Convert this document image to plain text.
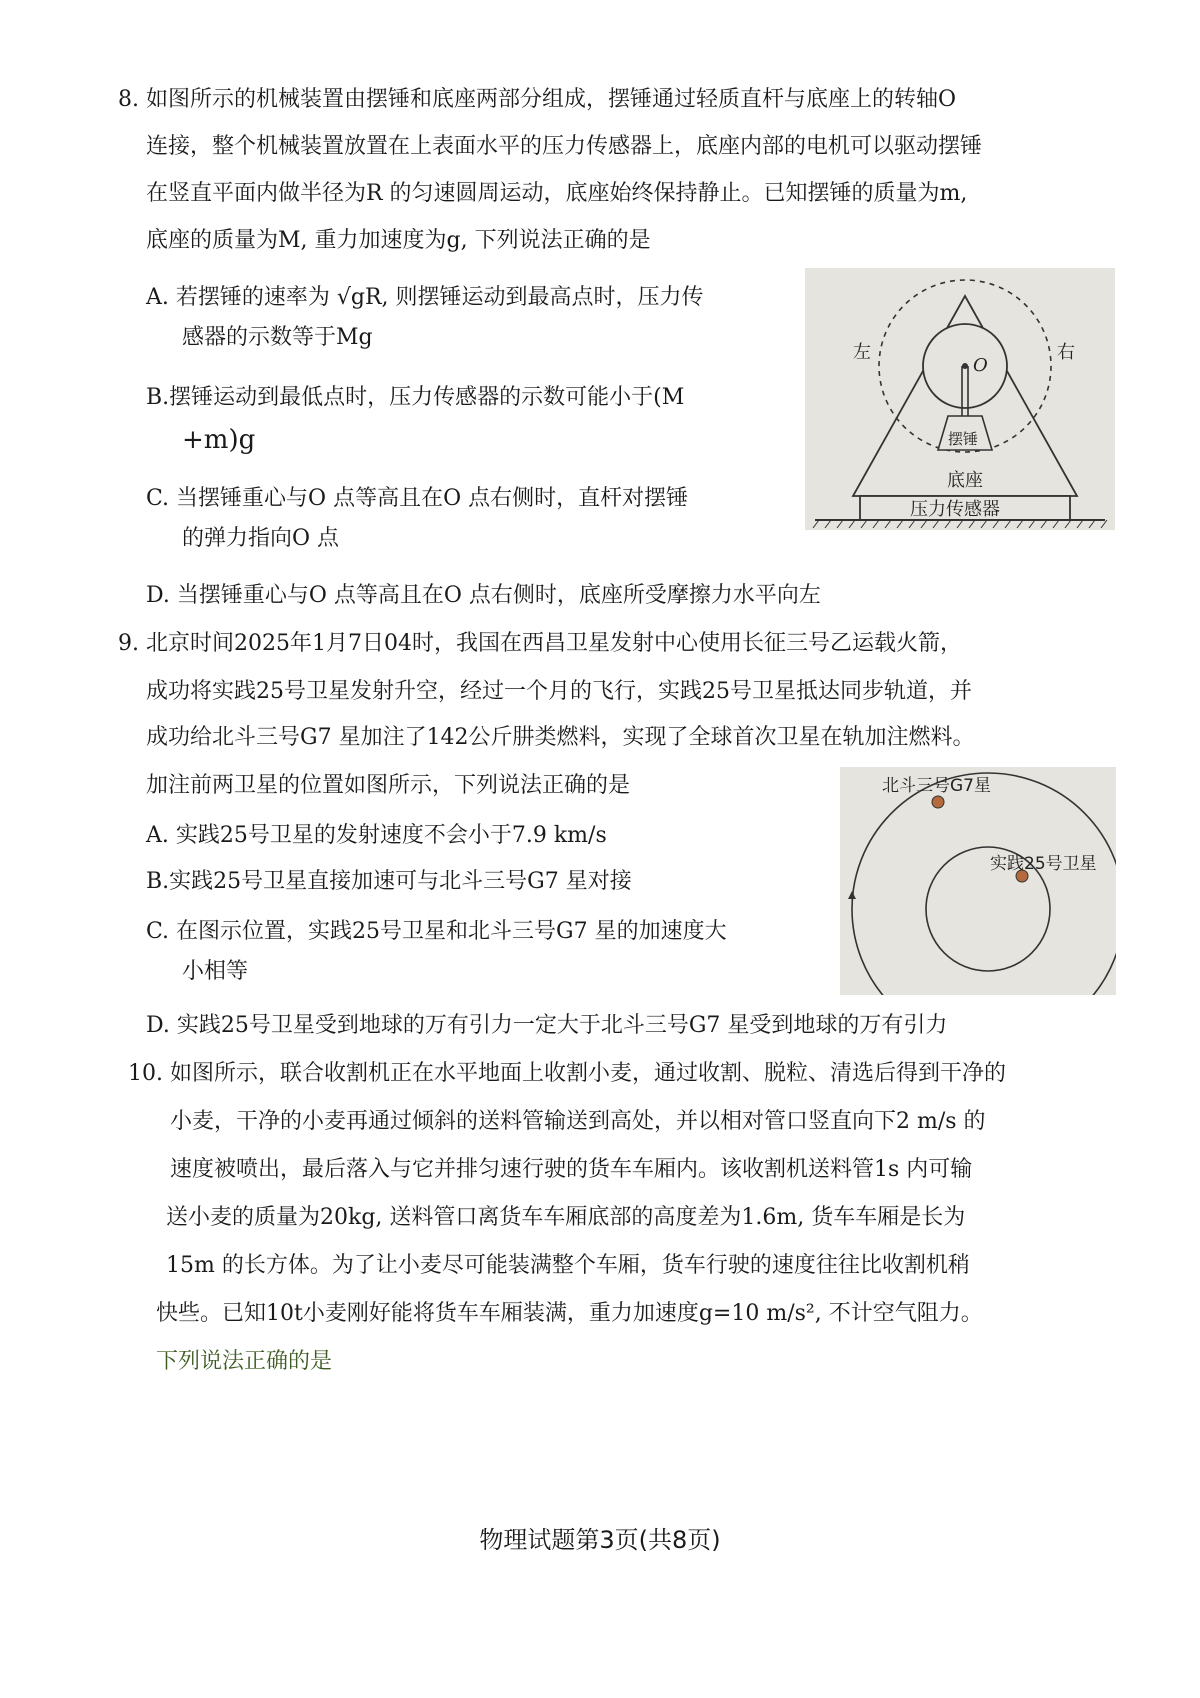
8. 如图所示的机械装置由摆锤和底座两部分组成，摆锤通过轻质直杆与底座上的转轴O
连接，整个机械装置放置在上表面水平的压力传感器上，底座内部的电机可以驱动摆锤
在竖直平面内做半径为R 的匀速圆周运动，底座始终保持静止。已知摆锤的质量为m,
底座的质量为M, 重力加速度为g, 下列说法正确的是
A. 若摆锤的速率为 √gR, 则摆锤运动到最高点时，压力传
感器的示数等于Mg
B.摆锤运动到最低点时，压力传感器的示数可能小于(M
+m)g
C. 当摆锤重心与O 点等高且在O 点右侧时，直杆对摆锤
的弹力指向O 点
D. 当摆锤重心与O 点等高且在O 点右侧时，底座所受摩擦力水平向左
左	右
O
摆锤
底座
压力传感器
9. 北京时间2025年1月7日04时，我国在西昌卫星发射中心使用长征三号乙运载火箭，
成功将实践25号卫星发射升空，经过一个月的飞行，实践25号卫星抵达同步轨道，并
成功给北斗三号G7 星加注了142公斤肼类燃料，实现了全球首次卫星在轨加注燃料。
加注前两卫星的位置如图所示，下列说法正确的是
A. 实践25号卫星的发射速度不会小于7.9 km/s
B.实践25号卫星直接加速可与北斗三号G7 星对接
C. 在图示位置，实践25号卫星和北斗三号G7 星的加速度大
小相等
D. 实践25号卫星受到地球的万有引力一定大于北斗三号G7 星受到地球的万有引力
北斗三号G7星
实践25号卫星
10. 如图所示，联合收割机正在水平地面上收割小麦，通过收割、脱粒、清选后得到干净的
小麦，干净的小麦再通过倾斜的送料管输送到高处，并以相对管口竖直向下2 m/s 的
速度被喷出，最后落入与它并排匀速行驶的货车车厢内。该收割机送料管1s 内可输
送小麦的质量为20kg, 送料管口离货车车厢底部的高度差为1.6m, 货车车厢是长为
15m 的长方体。为了让小麦尽可能装满整个车厢，货车行驶的速度往往比收割机稍
快些。已知10t小麦刚好能将货车车厢装满，重力加速度g=10 m/s², 不计空气阻力。
下列说法正确的是
物理试题第3页(共8页)
